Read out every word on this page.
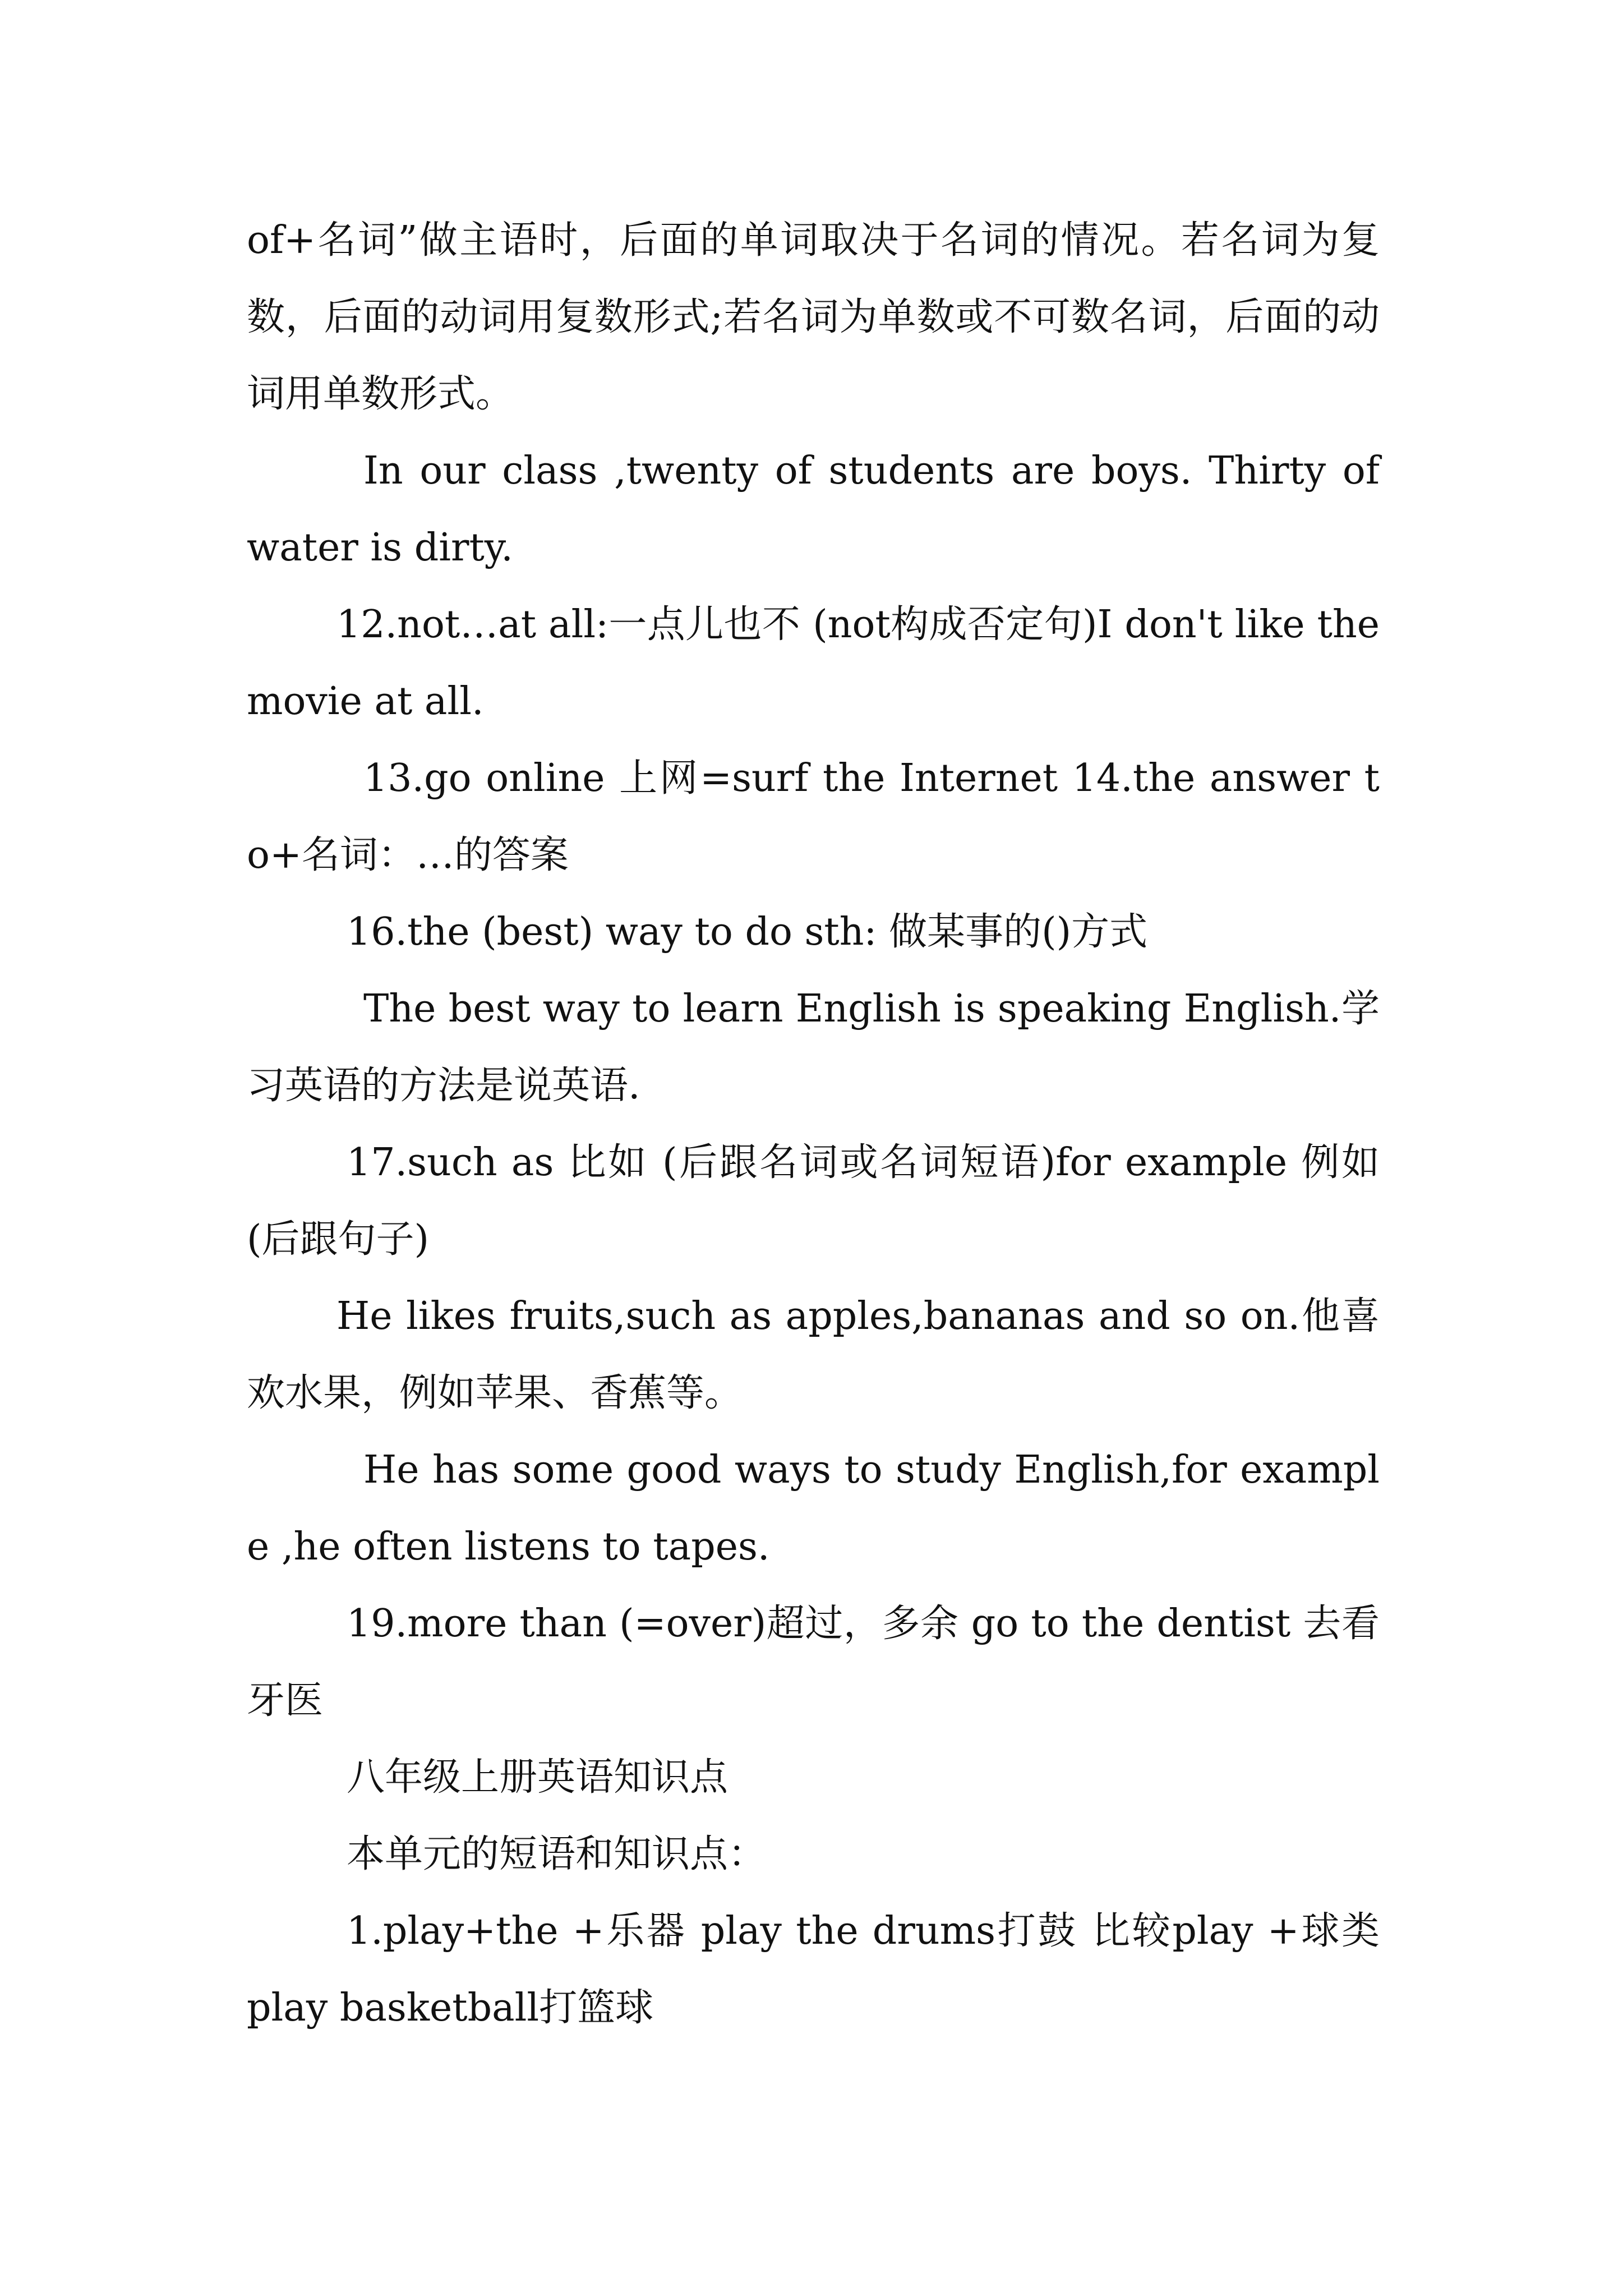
of+名词”做主语时，后面的单词取决于名词的情况。若名词为复数，后面的动词用复数形式;若名词为单数或不可数名词，后面的动词用单数形式。

In our class ,twenty of students are boys. Thirty of water is dirty.

12.not…at all:一点儿也不 (not构成否定句)I don't like the movie at all.

13.go online 上网=surf the Internet 14.the answer to+名词：…的答案

16.the (best) way to do sth: 做某事的()方式

The best way to learn English is speaking English.学习英语的方法是说英语.

17.such as 比如 (后跟名词或名词短语)for example 例如(后跟句子)

He likes fruits,such as apples,bananas and so on.他喜欢水果，例如苹果、香蕉等。

He has some good ways to study English,for example ,he often listens to tapes.

19.more than (=over)超过，多余 go to the dentist 去看牙医

八年级上册英语知识点

本单元的短语和知识点：

1.play+the +乐器 play the drums打鼓 比较play +球类 play basketball打篮球
